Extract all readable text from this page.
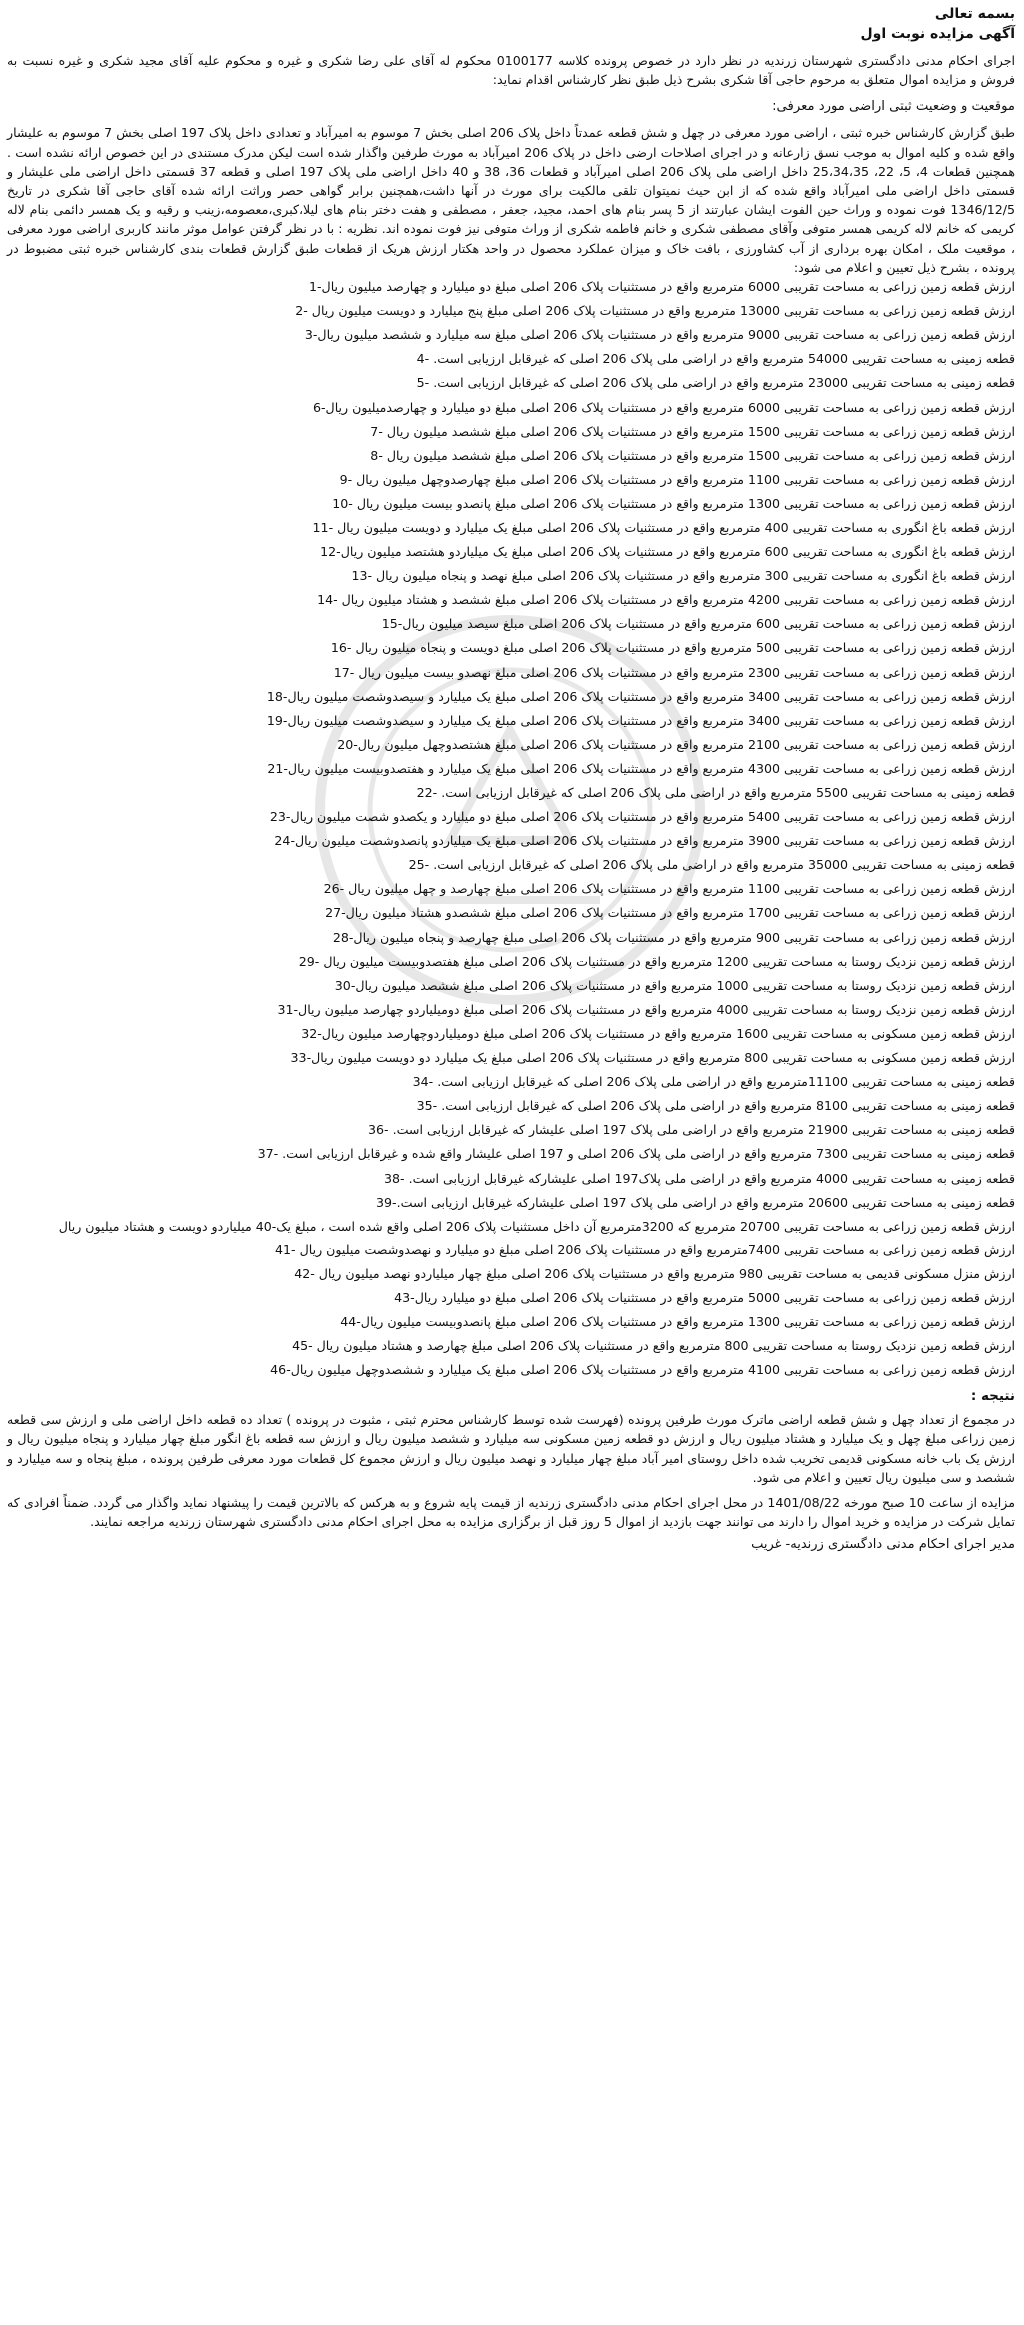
بسمه تعالی

آگهی مزایده نوبت اول

اجرای احکام مدنی دادگستری شهرستان زرندیه در نظر دارد در خصوص پرونده کلاسه 0100177 محکوم له آقای علی رضا شکری و غیره و محکوم علیه آقای مجید شکری و غیره نسبت به فروش و مزایده اموال متعلق به مرحوم حاجی آقا شکری بشرح ذیل طبق نظر کارشناس اقدام نماید:

موقعیت و وضعیت ثبتی اراضی مورد معرفی:

طبق گزارش کارشناس خبره ثبتی ، اراضی مورد معرفی در چهل و شش قطعه عمدتاً داخل پلاک 206 اصلی بخش 7 موسوم به امیرآباد و تعدادی داخل پلاک 197 اصلی بخش 7 موسوم به علیشار واقع شده و کلیه اموال به موجب نسق زارعانه و در اجرای اصلاحات ارضی داخل در پلاک 206 امیرآباد به مورث طرفین واگذار شده است لیکن مدرک مستندی در این خصوص ارائه نشده است . همچنین قطعات 4، 5، 22، 25،34،35 داخل اراضی ملی پلاک 206 اصلی امیرآباد و قطعات 36، 38 و 40 داخل اراضی ملی پلاک 197 اصلی و قطعه 37 قسمتی داخل اراضی ملی علیشار و قسمتی داخل اراضی ملی امیرآباد واقع شده که از ابن حیث نمیتوان تلقی مالکیت برای مورث در آنها داشت،همچنین برابر گواهی حصر وراثت ارائه شده آقای حاجی آقا شکری در تاریخ 1346/12/5 فوت نموده و وراث حین الفوت ایشان عبارتند از 5 پسر بنام های احمد، مجید، جعفر ، مصطفی و هفت دختر بنام های لیلا،کبری،معصومه،زینب و رقیه و یک همسر دائمی بنام لاله کریمی که خانم لاله کریمی همسر متوفی وآقای مصطفی شکری و خانم فاطمه شکری از وراث متوفی نیز فوت نموده اند. نظریه : با در نظر گرفتن عوامل موثر مانند کاربری اراضی مورد معرفی ، موقعیت ملک ، امکان بهره برداری از آب کشاورزی ، بافت خاک و میزان عملکرد محصول در واحد هکتار ارزش هریک از قطعات طبق گزارش قطعات بندی کارشناس خبره ثبتی مضبوط در پرونده ، بشرح ذیل تعیین و اعلام می شود:

ارزش قطعه زمین زراعی به مساحت تقریبی 6000 مترمربع واقع در مستثنیات پلاک 206 اصلی مبلغ دو میلیارد و چهارصد میلیون ریال-1
ارزش قطعه زمین زراعی به مساحت تقریبی 13000 مترمربع واقع در مستثنیات پلاک 206 اصلی مبلغ پنج میلیارد و دویست میلیون ریال -2
ارزش قطعه زمین زراعی به مساحت تقریبی 9000 مترمربع واقع در مستثنیات پلاک 206 اصلی مبلغ سه میلیارد و ششصد میلیون ریال-3
قطعه زمینی به مساحت تقریبی 54000 مترمربع واقع در اراضی ملی پلاک 206 اصلی که غیرقابل ارزیابی است. -4
قطعه زمینی به مساحت تقریبی 23000 مترمربع واقع در اراضی ملی پلاک 206 اصلی که غیرقابل ارزیابی است. -5
ارزش قطعه زمین زراعی به مساحت تقریبی 6000 مترمربع واقع در مستثنیات پلاک 206 اصلی مبلغ دو میلیارد و چهارصدمیلیون ریال-6
ارزش قطعه زمین زراعی به مساحت تقریبی 1500 مترمربع واقع در مستثنیات پلاک 206 اصلی مبلغ ششصد میلیون ریال -7
ارزش قطعه زمین زراعی به مساحت تقریبی 1500 مترمربع واقع در مستثنیات پلاک 206 اصلی مبلغ ششصد میلیون ریال -8
ارزش قطعه زمین زراعی به مساحت تقریبی 1100 مترمربع واقع در مستثنیات پلاک 206 اصلی مبلغ چهارصدوچهل میلیون ریال -9
ارزش قطعه زمین زراعی به مساحت تقریبی 1300 مترمربع واقع در مستثنیات پلاک 206 اصلی مبلغ پانصدو بیست میلیون ریال -10
ارزش قطعه باغ انگوری به مساحت تقریبی 400 مترمربع واقع در مستثنیات پلاک 206 اصلی مبلغ یک میلیارد و دویست میلیون ریال -11
ارزش قطعه باغ انگوری به مساحت تقریبی 600 مترمربع واقع در مستثنیات پلاک 206 اصلی مبلغ یک میلیاردو هشتصد میلیون ریال-12
ارزش قطعه باغ انگوری به مساحت تقریبی 300 مترمربع واقع در مستثنیات پلاک 206 اصلی مبلغ نهصد و پنجاه میلیون ریال -13
ارزش قطعه زمین زراعی به مساحت تقریبی 4200 مترمربع واقع در مستثنیات پلاک 206 اصلی مبلغ ششصد و هشتاد میلیون ریال -14
ارزش قطعه زمین زراعی به مساحت تقریبی 600 مترمربع واقع در مستثنیات پلاک 206 اصلی مبلغ سیصد میلیون ریال-15
ارزش قطعه زمین زراعی به مساحت تقریبی 500 مترمربع واقع در مستثنیات پلاک 206 اصلی مبلغ دویست و پنجاه میلیون ریال -16
ارزش قطعه زمین زراعی به مساحت تقریبی 2300 مترمربع واقع در مستثنیات پلاک 206 اصلی مبلغ نهصدو بیست میلیون ریال -17
ارزش قطعه زمین زراعی به مساحت تقریبی 3400 مترمربع واقع در مستثنیات پلاک 206 اصلی مبلغ یک میلیارد و سیصدوشصت میلیون ریال-18
ارزش قطعه زمین زراعی به مساحت تقریبی 3400 مترمربع واقع در مستثنیات پلاک 206 اصلی مبلغ یک میلیارد و سیصدوشصت میلیون ریال-19
ارزش قطعه زمین زراعی به مساحت تقریبی 2100 مترمربع واقع در مستثنیات پلاک 206 اصلی مبلغ هشتصدوچهل میلیون ریال-20
ارزش قطعه زمین زراعی به مساحت تقریبی 4300 مترمربع واقع در مستثنیات پلاک 206 اصلی مبلغ یک میلیارد و هفتصدوبیست میلیون ریال-21
قطعه زمینی به مساحت تقریبی 5500 مترمربع واقع در اراضی ملی پلاک 206 اصلی که غیرقابل ارزیابی است. -22
ارزش قطعه زمین زراعی به مساحت تقریبی 5400 مترمربع واقع در مستثنیات پلاک 206 اصلی مبلغ دو میلیارد و یکصدو شصت میلیون ریال-23
ارزش قطعه زمین زراعی به مساحت تقریبی 3900 مترمربع واقع در مستثنیات پلاک 206 اصلی مبلغ یک میلیاردو پانصدوشصت میلیون ریال-24
قطعه زمینی به مساحت تقریبی 35000 مترمربع واقع در اراضی ملی پلاک 206 اصلی که غیرقابل ارزیابی است. -25
ارزش قطعه زمین زراعی به مساحت تقریبی 1100 مترمربع واقع در مستثنیات پلاک 206 اصلی مبلغ چهارصد و چهل میلیون ریال -26
ارزش قطعه زمین زراعی به مساحت تقریبی 1700 مترمربع واقع در مستثنیات پلاک 206 اصلی مبلغ ششصدو هشتاد میلیون ریال-27
ارزش قطعه زمین زراعی به مساحت تقریبی 900 مترمربع واقع در مستثنیات پلاک 206 اصلی مبلغ چهارصد و پنجاه میلیون ریال-28
ارزش قطعه زمین نزدیک روستا به مساحت تقریبی 1200 مترمربع واقع در مستثنیات پلاک 206 اصلی مبلغ هفتصدوبیست میلیون ریال -29
ارزش قطعه زمین نزدیک روستا به مساحت تقریبی 1000 مترمربع واقع در مستثنیات پلاک 206 اصلی مبلغ ششصد میلیون ریال-30
ارزش قطعه زمین نزدیک روستا به مساحت تقریبی 4000 مترمربع واقع در مستثنیات پلاک 206 اصلی مبلغ دومیلیاردو چهارصد میلیون ریال-31
ارزش قطعه زمین مسکونی به مساحت تقریبی 1600 مترمربع واقع در مستثنیات پلاک 206 اصلی مبلغ دومیلیاردوچهارصد میلیون ریال-32
ارزش قطعه زمین مسکونی به مساحت تقریبی 800 مترمربع واقع در مستثنیات پلاک 206 اصلی مبلغ یک میلیارد دو دویست میلیون ریال-33
قطعه زمینی به مساحت تقریبی 11100مترمربع واقع در اراضی ملی پلاک 206 اصلی که غیرقابل ارزیابی است. -34
قطعه زمینی به مساحت تقریبی 8100 مترمربع واقع در اراضی ملی پلاک 206 اصلی که غیرقابل ارزیابی است. -35
قطعه زمینی به مساحت تقریبی 21900 مترمربع واقع در اراضی ملی پلاک 197 اصلی علیشار که غیرقابل ارزیابی است. -36
قطعه زمینی به مساحت تقریبی 7300 مترمربع واقع در اراضی ملی پلاک 206 اصلی و 197 اصلی علیشار واقع شده و غیرقابل ارزیابی است. -37
قطعه زمینی به مساحت تقریبی 4000 مترمربع واقع در اراضی ملی پلاک197 اصلی علیشارکه غیرقابل ارزیابی است. -38
قطعه زمینی به مساحت تقریبی 20600 مترمربع واقع در اراضی ملی پلاک 197 اصلی علیشارکه غیرقابل ارزیابی است.-39
ارزش قطعه زمین زراعی به مساحت تقریبی 20700 مترمربع که 3200مترمربع آن داخل مستثنیات پلاک 206 اصلی واقع شده است ، مبلغ یک-40 میلیاردو دویست و هشتاد میلیون ریال
ارزش قطعه زمین زراعی به مساحت تقریبی 7400مترمربع واقع در مستثنیات پلاک 206 اصلی مبلغ دو میلیارد و نهصدوشصت میلیون ریال -41
ارزش منزل مسکونی قدیمی به مساحت تقریبی 980 مترمربع واقع در مستثنیات پلاک 206 اصلی مبلغ چهار میلیاردو نهصد میلیون ریال -42
ارزش قطعه زمین زراعی به مساحت تقریبی 5000 مترمربع واقع در مستثنیات پلاک 206 اصلی مبلغ دو میلیارد ریال-43
ارزش قطعه زمین زراعی به مساحت تقریبی 1300 مترمربع واقع در مستثنیات پلاک 206 اصلی مبلغ پانصدوبیست میلیون ریال-44
ارزش قطعه زمین نزدیک روستا به مساحت تقریبی 800 مترمربع واقع در مستثنیات پلاک 206 اصلی مبلغ چهارصد و هشتاد میلیون ریال -45
ارزش قطعه زمین زراعی به مساحت تقریبی 4100 مترمربع واقع در مستثنیات پلاک 206 اصلی مبلغ یک میلیارد و ششصدوچهل میلیون ریال-46

نتیجه :

در مجموع از تعداد چهل و شش قطعه اراضی ماترک مورث طرفین پرونده (فهرست شده توسط کارشناس محترم ثبتی ، مثبوت در پرونده ) تعداد ده قطعه داخل اراضی ملی و ارزش سی قطعه زمین زراعی مبلغ چهل و یک میلیارد و هشتاد میلیون ریال و ارزش دو قطعه زمین مسکونی سه میلیارد و ششصد میلیون ریال و ارزش سه قطعه باغ انگور مبلغ چهار میلیارد و پنجاه میلیون ریال و ارزش یک باب خانه مسکونی قدیمی تخریب شده داخل روستای امیر آباد مبلغ چهار میلیارد و نهصد میلیون ریال و ارزش مجموع کل قطعات مورد معرفی طرفین پرونده ، مبلغ پنجاه و سه میلیارد و ششصد و سی میلیون ریال تعیین و اعلام می شود.

مزایده از ساعت 10 صبح مورخه 1401/08/22 در محل اجرای احکام مدنی دادگستری زرندیه از قیمت پایه شروع و به هرکس که بالاترین قیمت را پیشنهاد نماید واگذار می گردد. ضمناً افرادی که تمایل شرکت در مزایده و خرید اموال را دارند می توانند جهت بازدید از اموال 5 روز قبل از برگزاری مزایده به محل اجرای احکام مدنی دادگستری شهرستان زرندیه مراجعه نمایند.

مدیر اجرای احکام مدنی دادگستری زرندیه- غریب
